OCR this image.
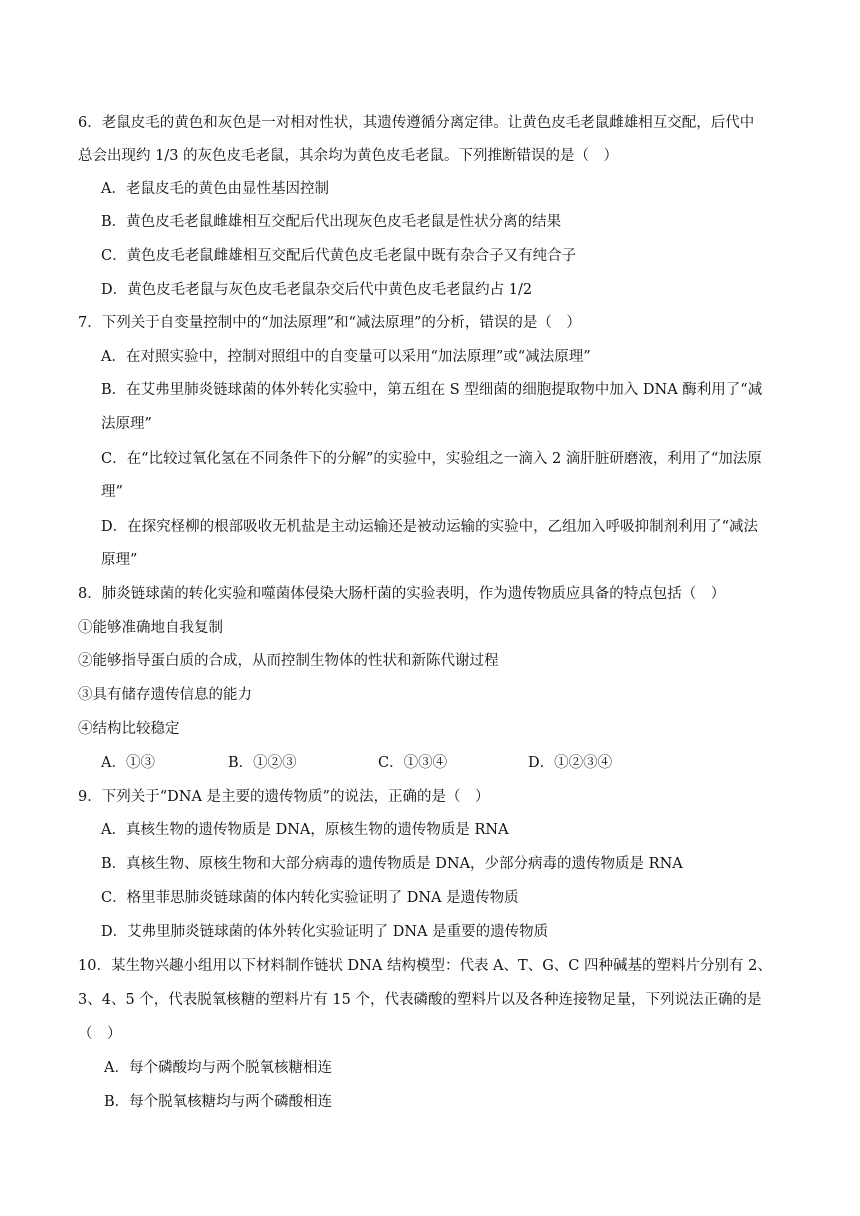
6．老鼠皮毛的黄色和灰色是一对相对性状，其遗传遵循分离定律。让黄色皮毛老鼠雌雄相互交配，后代中
总会出现约 1/3 的灰色皮毛老鼠，其余均为黄色皮毛老鼠。下列推断错误的是（　）
A．老鼠皮毛的黄色由显性基因控制
B．黄色皮毛老鼠雌雄相互交配后代出现灰色皮毛老鼠是性状分离的结果
C．黄色皮毛老鼠雌雄相互交配后代黄色皮毛老鼠中既有杂合子又有纯合子
D．黄色皮毛老鼠与灰色皮毛老鼠杂交后代中黄色皮毛老鼠约占 1/2
7．下列关于自变量控制中的“加法原理”和“减法原理”的分析，错误的是（　）
A．在对照实验中，控制对照组中的自变量可以采用“加法原理”或“减法原理”
B．在艾弗里肺炎链球菌的体外转化实验中，第五组在 S 型细菌的细胞提取物中加入 DNA 酶利用了“减
法原理”
C．在“比较过氧化氢在不同条件下的分解”的实验中，实验组之一滴入 2 滴肝脏研磨液，利用了“加法原
理”
D．在探究柽柳的根部吸收无机盐是主动运输还是被动运输的实验中，乙组加入呼吸抑制剂利用了“减法
原理”
8．肺炎链球菌的转化实验和噬菌体侵染大肠杆菌的实验表明，作为遗传物质应具备的特点包括（　）
①能够准确地自我复制
②能够指导蛋白质的合成，从而控制生物体的性状和新陈代谢过程
③具有储存遗传信息的能力
④结构比较稳定
A．①③	B．①②③	C．①③④	D．①②③④
9．下列关于“DNA 是主要的遗传物质”的说法，正确的是（　）
A．真核生物的遗传物质是 DNA，原核生物的遗传物质是 RNA
B．真核生物、原核生物和大部分病毒的遗传物质是 DNA，少部分病毒的遗传物质是 RNA
C．格里菲思肺炎链球菌的体内转化实验证明了 DNA 是遗传物质
D．艾弗里肺炎链球菌的体外转化实验证明了 DNA 是重要的遗传物质
10．某生物兴趣小组用以下材料制作链状 DNA 结构模型：代表 A、T、G、C 四种碱基的塑料片分别有 2、
3、4、5 个，代表脱氧核糖的塑料片有 15 个，代表磷酸的塑料片以及各种连接物足量，下列说法正确的是
（　）
A．每个磷酸均与两个脱氧核糖相连
B．每个脱氧核糖均与两个磷酸相连
